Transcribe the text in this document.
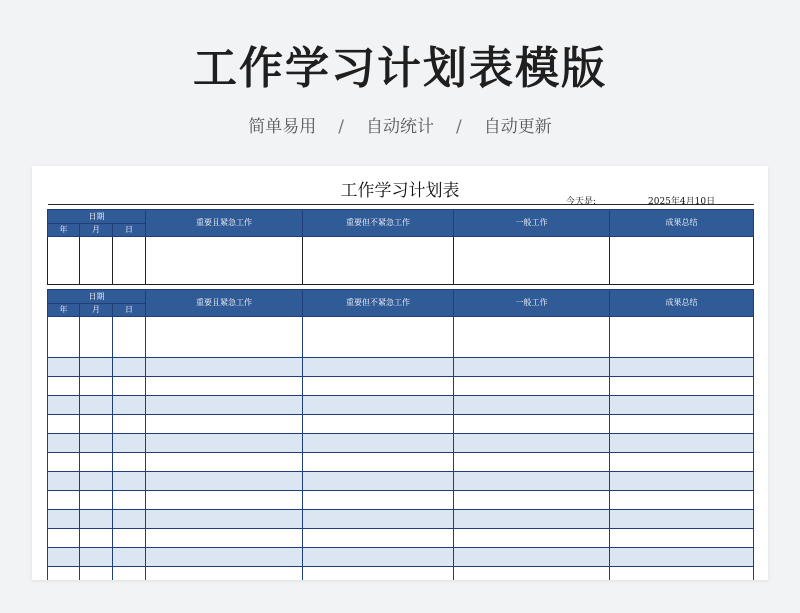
工作学习计划表模版
简单易用 / 自动统计 / 自动更新
工作学习计划表
今天是:	2025年4月10日
日期			重要且紧急工作	重要但不紧急工作	一般工作	成果总结
年	月	日				

日期			重要且紧急工作	重要但不紧急工作	一般工作	成果总结
年	月	日				
